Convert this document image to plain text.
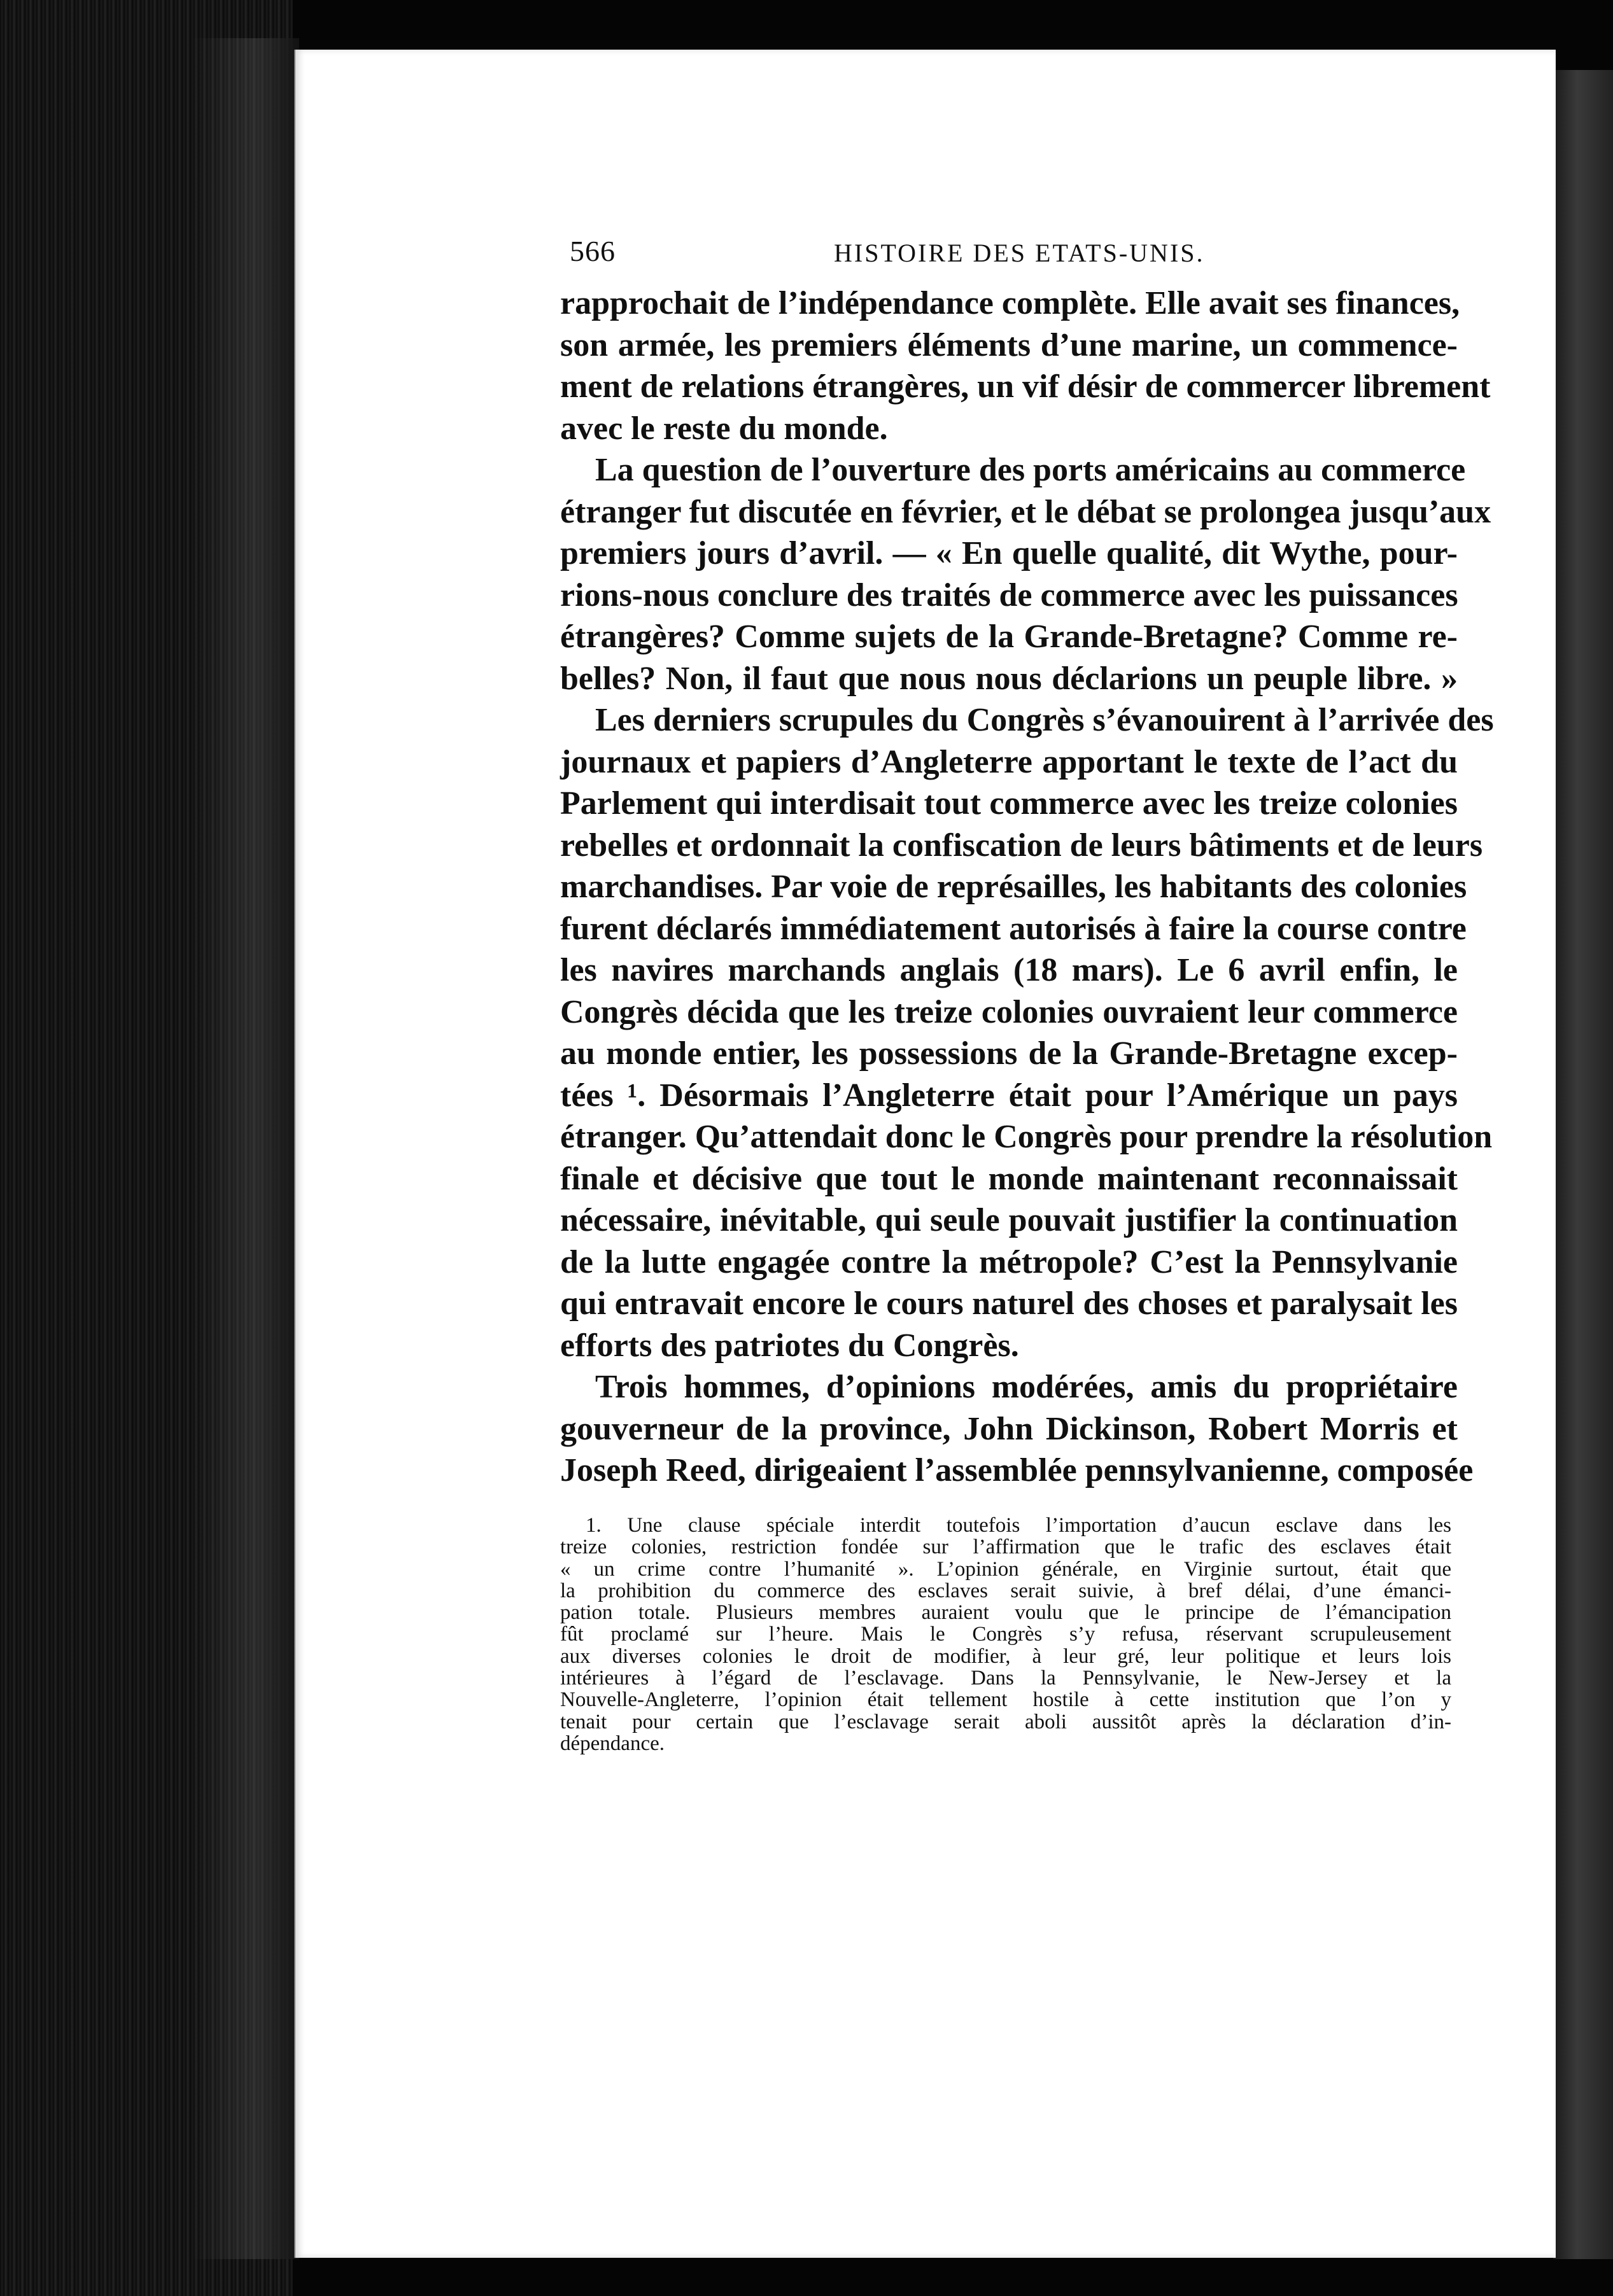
566	HISTOIRE DES ETATS-UNIS.
rapprochait de l’indépendance complète. Elle avait ses finances,
son armée, les premiers éléments d’une marine, un commence-
ment de relations étrangères, un vif désir de commercer librement
avec le reste du monde.
La question de l’ouverture des ports américains au commerce
étranger fut discutée en février, et le débat se prolongea jusqu’aux
premiers jours d’avril. — « En quelle qualité, dit Wythe, pour-
rions-nous conclure des traités de commerce avec les puissances
étrangères? Comme sujets de la Grande-Bretagne? Comme re-
belles? Non, il faut que nous nous déclarions un peuple libre. »
Les derniers scrupules du Congrès s’évanouirent à l’arrivée des
journaux et papiers d’Angleterre apportant le texte de l’act du
Parlement qui interdisait tout commerce avec les treize colonies
rebelles et ordonnait la confiscation de leurs bâtiments et de leurs
marchandises. Par voie de représailles, les habitants des colonies
furent déclarés immédiatement autorisés à faire la course contre
les navires marchands anglais (18 mars). Le 6 avril enfin, le
Congrès décida que les treize colonies ouvraient leur commerce
au monde entier, les possessions de la Grande-Bretagne excep-
tées ¹. Désormais l’Angleterre était pour l’Amérique un pays
étranger. Qu’attendait donc le Congrès pour prendre la résolution
finale et décisive que tout le monde maintenant reconnaissait
nécessaire, inévitable, qui seule pouvait justifier la continuation
de la lutte engagée contre la métropole? C’est la Pennsylvanie
qui entravait encore le cours naturel des choses et paralysait les
efforts des patriotes du Congrès.
Trois hommes, d’opinions modérées, amis du propriétaire
gouverneur de la province, John Dickinson, Robert Morris et
Joseph Reed, dirigeaient l’assemblée pennsylvanienne, composée
1. Une clause spéciale interdit toutefois l’importation d’aucun esclave dans les
treize colonies, restriction fondée sur l’affirmation que le trafic des esclaves était
« un crime contre l’humanité ». L’opinion générale, en Virginie surtout, était que
la prohibition du commerce des esclaves serait suivie, à bref délai, d’une émanci-
pation totale. Plusieurs membres auraient voulu que le principe de l’émancipation
fût proclamé sur l’heure. Mais le Congrès s’y refusa, réservant scrupuleusement
aux diverses colonies le droit de modifier, à leur gré, leur politique et leurs lois
intérieures à l’égard de l’esclavage. Dans la Pennsylvanie, le New-Jersey et la
Nouvelle-Angleterre, l’opinion était tellement hostile à cette institution que l’on y
tenait pour certain que l’esclavage serait aboli aussitôt après la déclaration d’in-
dépendance.
